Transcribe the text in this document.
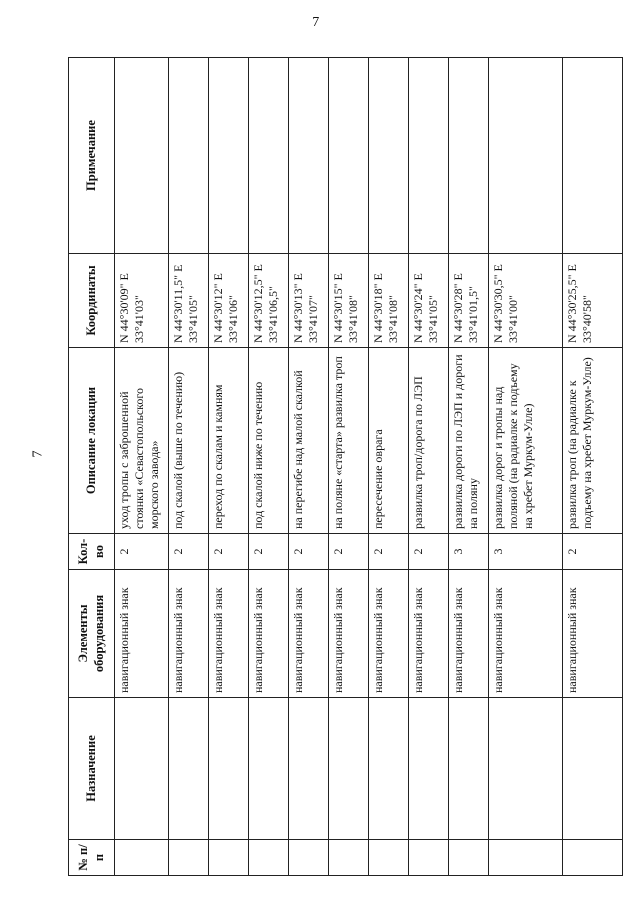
7
7
№ п/п	Назначение	Элементы оборудования	Кол-во	Описание локации	Координаты	Примечание
		навигационный знак	2	уход тропы с заброшенной стоянки «Севастопольского морского завода»	N 44°30'09" E 33°41'03"	
		навигационный знак	2	под скалой (выше по течению)	N 44°30'11,5" E 33°41'05"	
		навигационный знак	2	переход по скалам и камням	N 44°30'12" E 33°41'06"	
		навигационный знак	2	под скалой ниже по течению	N 44°30'12,5" E 33°41'06,5"	
		навигационный знак	2	на перегибе над малой скалкой	N 44°30'13" E 33°41'07"	
		навигационный знак	2	на поляне «старта» развилка троп	N 44°30'15" E 33°41'08"	
		навигационный знак	2	пересечение оврага	N 44°30'18" E 33°41'08"	
		навигационный знак	2	развилка троп/дорога по ЛЭП	N 44°30'24" E 33°41'05"	
		навигационный знак	3	развилка дороги по ЛЭП и дороги на поляну	N 44°30'28" E 33°41'01,5"	
		навигационный знак	3	развилка дорог и тропы над поляной (на радиалке к подъему на хребет Муркум-Улле)	N 44°30'30,5" E 33°41'00"	
		навигационный знак	2	развилка троп (на радиалке к подъему на хребет Муркум-Улле)	N 44°30'25,5" E 33°40'58"	
